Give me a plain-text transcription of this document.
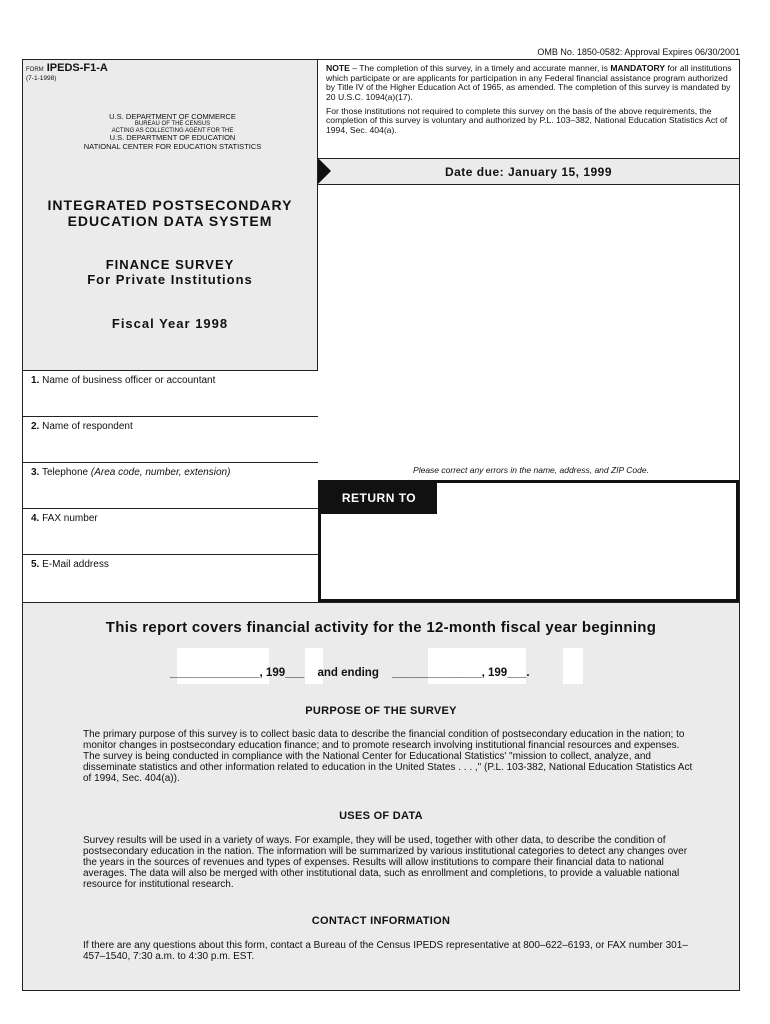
OMB No. 1850-0582: Approval Expires 06/30/2001
FORM IPEDS-F1-A
(7-1-1998)
U.S. DEPARTMENT OF COMMERCE
BUREAU OF THE CENSUS
ACTING AS COLLECTING AGENT FOR THE
U.S. DEPARTMENT OF EDUCATION
NATIONAL CENTER FOR EDUCATION STATISTICS
INTEGRATED POSTSECONDARY
EDUCATION DATA SYSTEM
FINANCE SURVEY
For Private Institutions
Fiscal Year 1998
1. Name of business officer or accountant
2. Name of respondent
3. Telephone (Area code, number, extension)
4. FAX number
5. E-Mail address

NOTE – The completion of this survey, in a timely and accurate manner, is MANDATORY for all institutions which participate or are applicants for participation in any Federal financial assistance program authorized by Title IV of the Higher Education Act of 1965, as amended. The completion of this survey is mandated by 20 U.S.C. 1094(a)(17).

For those institutions not required to complete this survey on the basis of the above requirements, the completion of this survey is voluntary and authorized by P.L. 103–382, National Education Statistics Act of 1994, Sec. 404(a).

Date due: January 15, 1999
Please correct any errors in the name, address, and ZIP Code.
RETURN TO
This report covers financial activity for the 12-month fiscal year beginning
______________, 199___ and ending ______________, 199___.
PURPOSE OF THE SURVEY
The primary purpose of this survey is to collect basic data to describe the financial condition of postsecondary education in the nation; to monitor changes in postsecondary education finance; and to promote research involving institutional financial resources and expenses. The survey is being conducted in compliance with the National Center for Educational Statistics' "mission to collect, analyze, and disseminate statistics and other information related to education in the United States . . . ," (P.L. 103-382, National Education Statistics Act of 1994, Sec. 404(a)).
USES OF DATA
Survey results will be used in a variety of ways. For example, they will be used, together with other data, to describe the condition of postsecondary education in the nation. The information will be summarized by various institutional categories to detect any changes over the years in the sources of revenues and types of expenses. Results will allow institutions to compare their financial data to national averages. The data will also be merged with other institutional data, such as enrollment and completions, to provide a valuable national resource for institutional research.
CONTACT INFORMATION
If there are any questions about this form, contact a Bureau of the Census IPEDS representative at 800–622–6193, or FAX number 301–457–1540, 7:30 a.m. to 4:30 p.m. EST.
